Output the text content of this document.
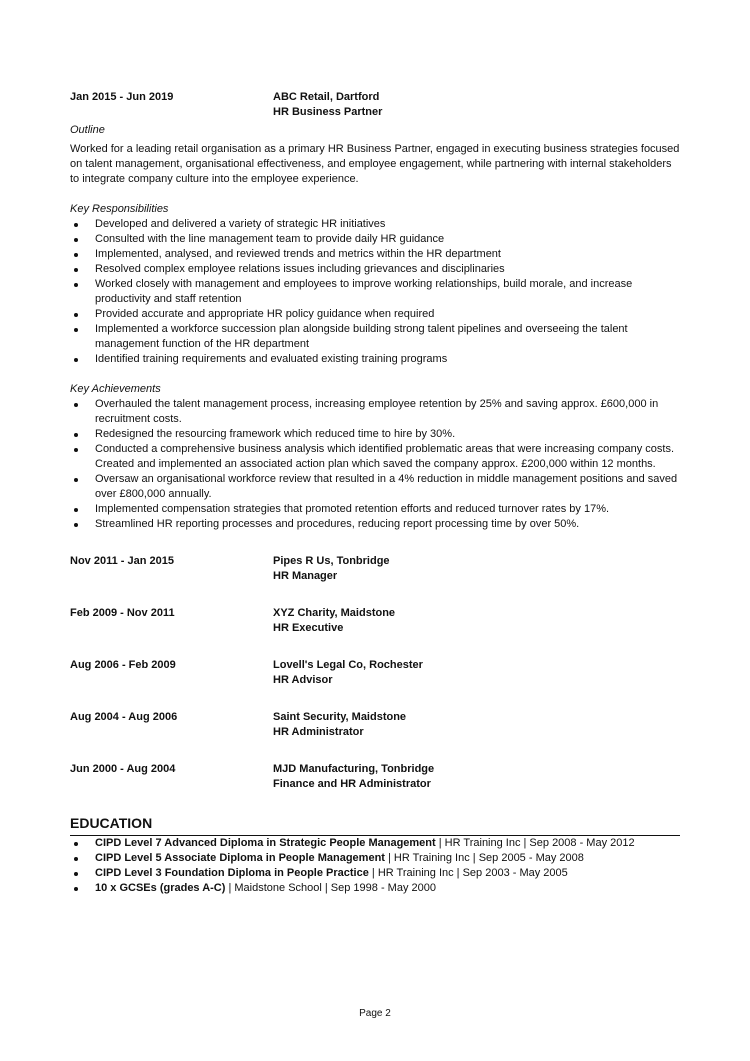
Jan 2015 - Jun 2019	ABC Retail, Dartford
HR Business Partner
Outline
Worked for a leading retail organisation as a primary HR Business Partner, engaged in executing business strategies focused on talent management, organisational effectiveness, and employee engagement, while partnering with internal stakeholders to integrate company culture into the employee experience.
Key Responsibilities
Developed and delivered a variety of strategic HR initiatives
Consulted with the line management team to provide daily HR guidance
Implemented, analysed, and reviewed trends and metrics within the HR department
Resolved complex employee relations issues including grievances and disciplinaries
Worked closely with management and employees to improve working relationships, build morale, and increase productivity and staff retention
Provided accurate and appropriate HR policy guidance when required
Implemented a workforce succession plan alongside building strong talent pipelines and overseeing the talent management function of the HR department
Identified training requirements and evaluated existing training programs
Key Achievements
Overhauled the talent management process, increasing employee retention by 25% and saving approx. £600,000 in recruitment costs.
Redesigned the resourcing framework which reduced time to hire by 30%.
Conducted a comprehensive business analysis which identified problematic areas that were increasing company costs. Created and implemented an associated action plan which saved the company approx. £200,000 within 12 months.
Oversaw an organisational workforce review that resulted in a 4% reduction in middle management positions and saved over £800,000 annually.
Implemented compensation strategies that promoted retention efforts and reduced turnover rates by 17%.
Streamlined HR reporting processes and procedures, reducing report processing time by over 50%.
Nov 2011 - Jan 2015	Pipes R Us, Tonbridge
HR Manager
Feb 2009 - Nov 2011	XYZ Charity, Maidstone
HR Executive
Aug 2006 - Feb 2009	Lovell's Legal Co, Rochester
HR Advisor
Aug 2004 - Aug 2006	Saint Security, Maidstone
HR Administrator
Jun 2000 - Aug 2004	MJD Manufacturing, Tonbridge
Finance and HR Administrator
EDUCATION
CIPD Level 7 Advanced Diploma in Strategic People Management | HR Training Inc | Sep 2008 - May 2012
CIPD Level 5 Associate Diploma in People Management | HR Training Inc | Sep 2005 - May 2008
CIPD Level 3 Foundation Diploma in People Practice | HR Training Inc | Sep 2003 - May 2005
10 x GCSEs (grades A-C) | Maidstone School | Sep 1998 - May 2000
Page 2
